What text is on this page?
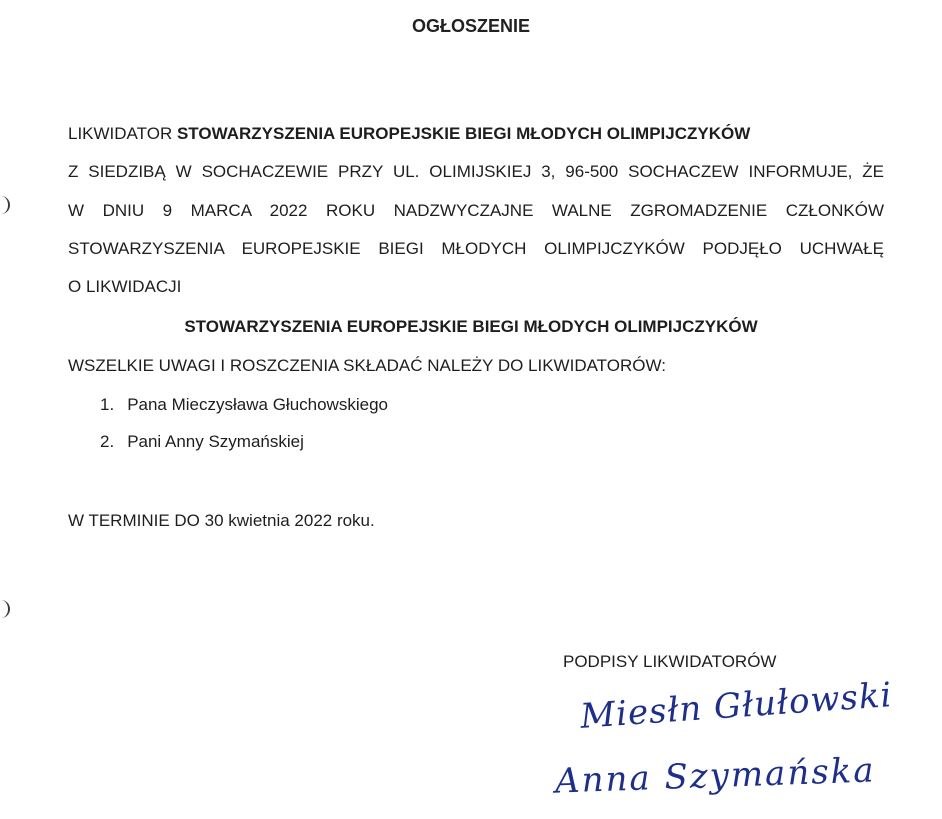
OGŁOSZENIE
LIKWIDATOR STOWARZYSZENIA EUROPEJSKIE BIEGI MŁODYCH OLIMPIJCZYKÓW
Z SIEDZIBĄ W SOCHACZEWIE PRZY UL. OLIMIJSKIEJ 3, 96-500 SOCHACZEW INFORMUJE, ŻE
W DNIU 9 MARCA 2022 ROKU NADZWYCZAJNE WALNE ZGROMADZENIE CZŁONKÓW
STOWARZYSZENIA EUROPEJSKIE BIEGI MŁODYCH OLIMPIJCZYKÓW PODJĘŁO UCHWAŁĘ
O LIKWIDACJI
STOWARZYSZENIA EUROPEJSKIE BIEGI MŁODYCH OLIMPIJCZYKÓW
WSZELKIE UWAGI I ROSZCZENIA SKŁADAĆ NALEŻY DO LIKWIDATORÓW:
1. Pana Mieczysława Głuchowskiego
2. Pani Anny Szymańskiej
W TERMINIE DO 30 kwietnia 2022 roku.
PODPISY LIKWIDATORÓW
Miesłn Głułowski
Anna Szymańska
